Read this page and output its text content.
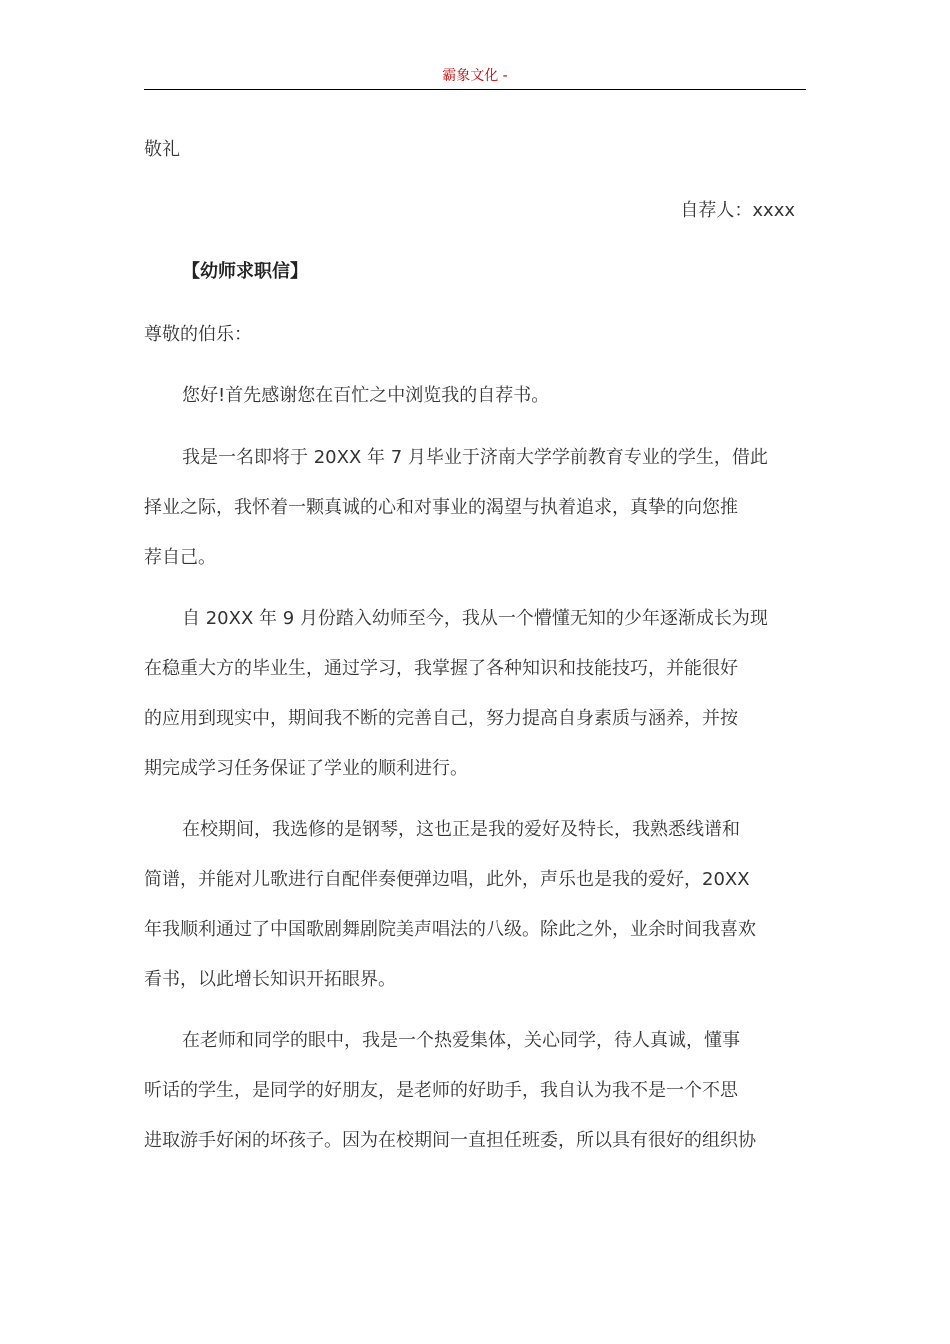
霸象文化 -
敬礼
自荐人：xxxx
【幼师求职信】
尊敬的伯乐：
您好!首先感谢您在百忙之中浏览我的自荐书。
我是一名即将于 20XX 年 7 月毕业于济南大学学前教育专业的学生，借此
择业之际，我怀着一颗真诚的心和对事业的渴望与执着追求，真挚的向您推
荐自己。
自 20XX 年 9 月份踏入幼师至今，我从一个懵懂无知的少年逐渐成长为现
在稳重大方的毕业生，通过学习，我掌握了各种知识和技能技巧，并能很好
的应用到现实中，期间我不断的完善自己，努力提高自身素质与涵养，并按
期完成学习任务保证了学业的顺利进行。
在校期间，我选修的是钢琴，这也正是我的爱好及特长，我熟悉线谱和
简谱，并能对儿歌进行自配伴奏便弹边唱，此外，声乐也是我的爱好，20XX
年我顺利通过了中国歌剧舞剧院美声唱法的八级。除此之外，业余时间我喜欢
看书，以此增长知识开拓眼界。
在老师和同学的眼中，我是一个热爱集体，关心同学，待人真诚，懂事
听话的学生，是同学的好朋友，是老师的好助手，我自认为我不是一个不思
进取游手好闲的坏孩子。因为在校期间一直担任班委，所以具有很好的组织协
